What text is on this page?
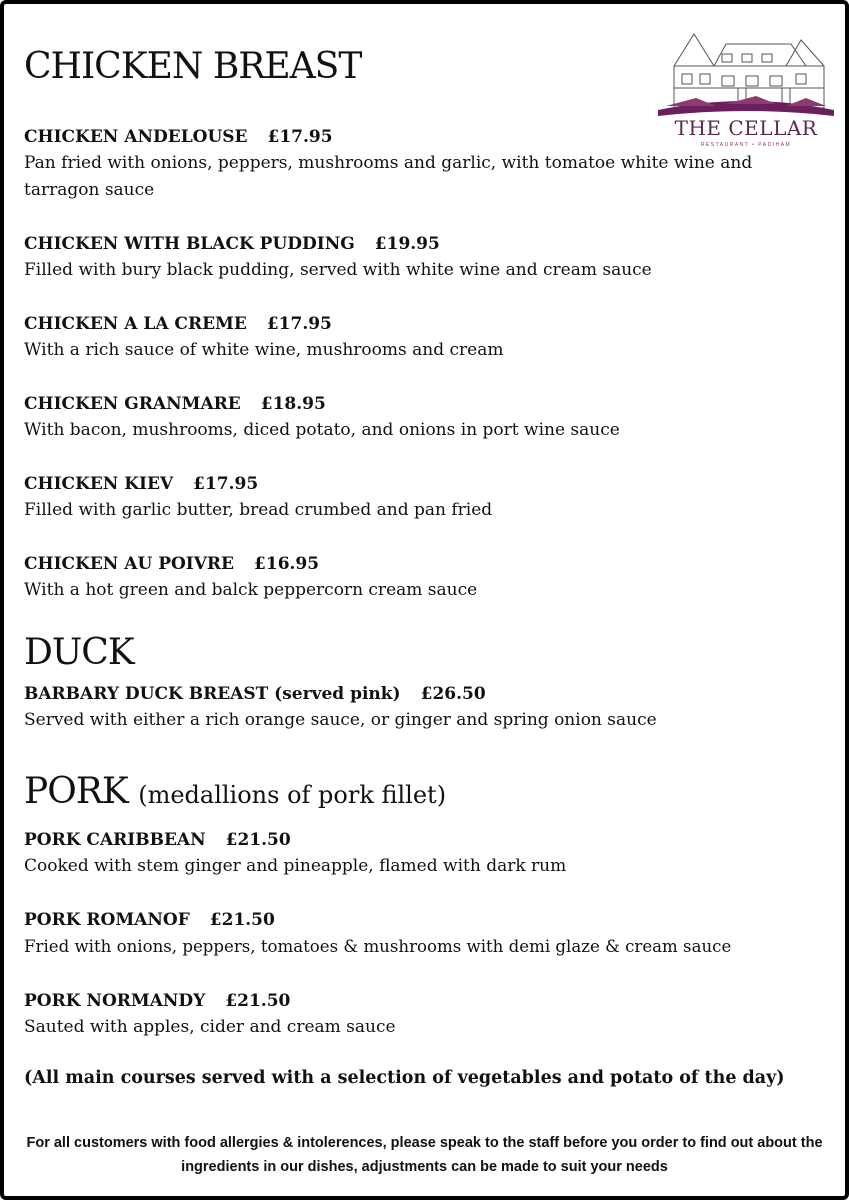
THE CELLAR
RESTAURANT • PADIHAM
CHICKEN BREAST
CHICKEN ANDELOUSE £17.95
Pan fried with onions, peppers, mushrooms and garlic, with tomatoe white wine and tarragon sauce
CHICKEN WITH BLACK PUDDING £19.95
Filled with bury black pudding, served with white wine and cream sauce
CHICKEN A LA CREME £17.95
With a rich sauce of white wine, mushrooms and cream
CHICKEN GRANMARE £18.95
With bacon, mushrooms, diced potato, and onions in port wine sauce
CHICKEN KIEV £17.95
Filled with garlic butter, bread crumbed and pan fried
CHICKEN AU POIVRE £16.95
With a hot green and balck peppercorn cream sauce
DUCK
BARBARY DUCK BREAST (served pink) £26.50
Served with either a rich orange sauce, or ginger and spring onion sauce
PORK (medallions of pork fillet)
PORK CARIBBEAN £21.50
Cooked with stem ginger and pineapple, flamed with dark rum
PORK ROMANOF £21.50
Fried with onions, peppers, tomatoes & mushrooms with demi glaze & cream sauce
PORK NORMANDY £21.50
Sauted with apples, cider and cream sauce
(All main courses served with a selection of vegetables and potato of the day)
For all customers with food allergies & intolerences, please speak to the staff before you order to find out about the ingredients in our dishes, adjustments can be made to suit your needs
